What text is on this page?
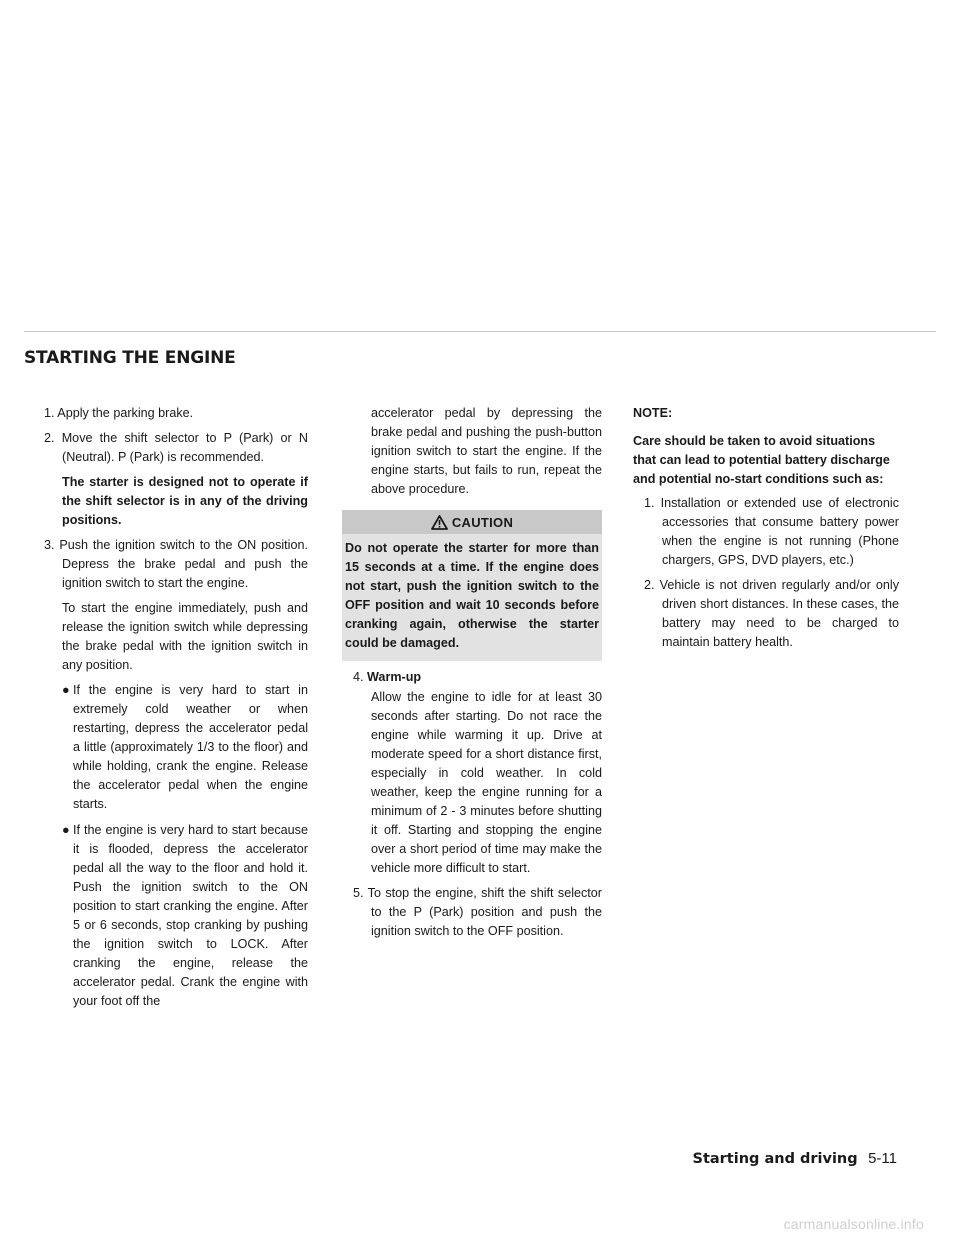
STARTING THE ENGINE

1. Apply the parking brake.

2. Move the shift selector to P (Park) or N (Neutral). P (Park) is recommended.

The starter is designed not to operate if the shift selector is in any of the driving positions.

3. Push the ignition switch to the ON position. Depress the brake pedal and push the ignition switch to start the engine.

To start the engine immediately, push and release the ignition switch while depressing the brake pedal with the ignition switch in any position.

● If the engine is very hard to start in extremely cold weather or when restarting, depress the accelerator pedal a little (approximately 1/3 to the floor) and while holding, crank the engine. Release the accelerator pedal when the engine starts.
● If the engine is very hard to start because it is flooded, depress the accelerator pedal all the way to the floor and hold it. Push the ignition switch to the ON position to start cranking the engine. After 5 or 6 seconds, stop cranking by pushing the ignition switch to LOCK. After cranking the engine, release the accelerator pedal. Crank the engine with your foot off the

accelerator pedal by depressing the brake pedal and pushing the push-button ignition switch to start the engine. If the engine starts, but fails to run, repeat the above procedure.

CAUTION

Do not operate the starter for more than 15 seconds at a time. If the engine does not start, push the ignition switch to the OFF position and wait 10 seconds before cranking again, otherwise the starter could be damaged.

4. Warm-up

Allow the engine to idle for at least 30 seconds after starting. Do not race the engine while warming it up. Drive at moderate speed for a short distance first, especially in cold weather. In cold weather, keep the engine running for a minimum of 2 - 3 minutes before shutting it off. Starting and stopping the engine over a short period of time may make the vehicle more difficult to start.

5. To stop the engine, shift the shift selector to the P (Park) position and push the ignition switch to the OFF position.

NOTE:

Care should be taken to avoid situations that can lead to potential battery discharge and potential no-start conditions such as:

1. Installation or extended use of electronic accessories that consume battery power when the engine is not running (Phone chargers, GPS, DVD players, etc.)

2. Vehicle is not driven regularly and/or only driven short distances. In these cases, the battery may need to be charged to maintain battery health.

Starting and driving 5-11
carmanualsonline.info
